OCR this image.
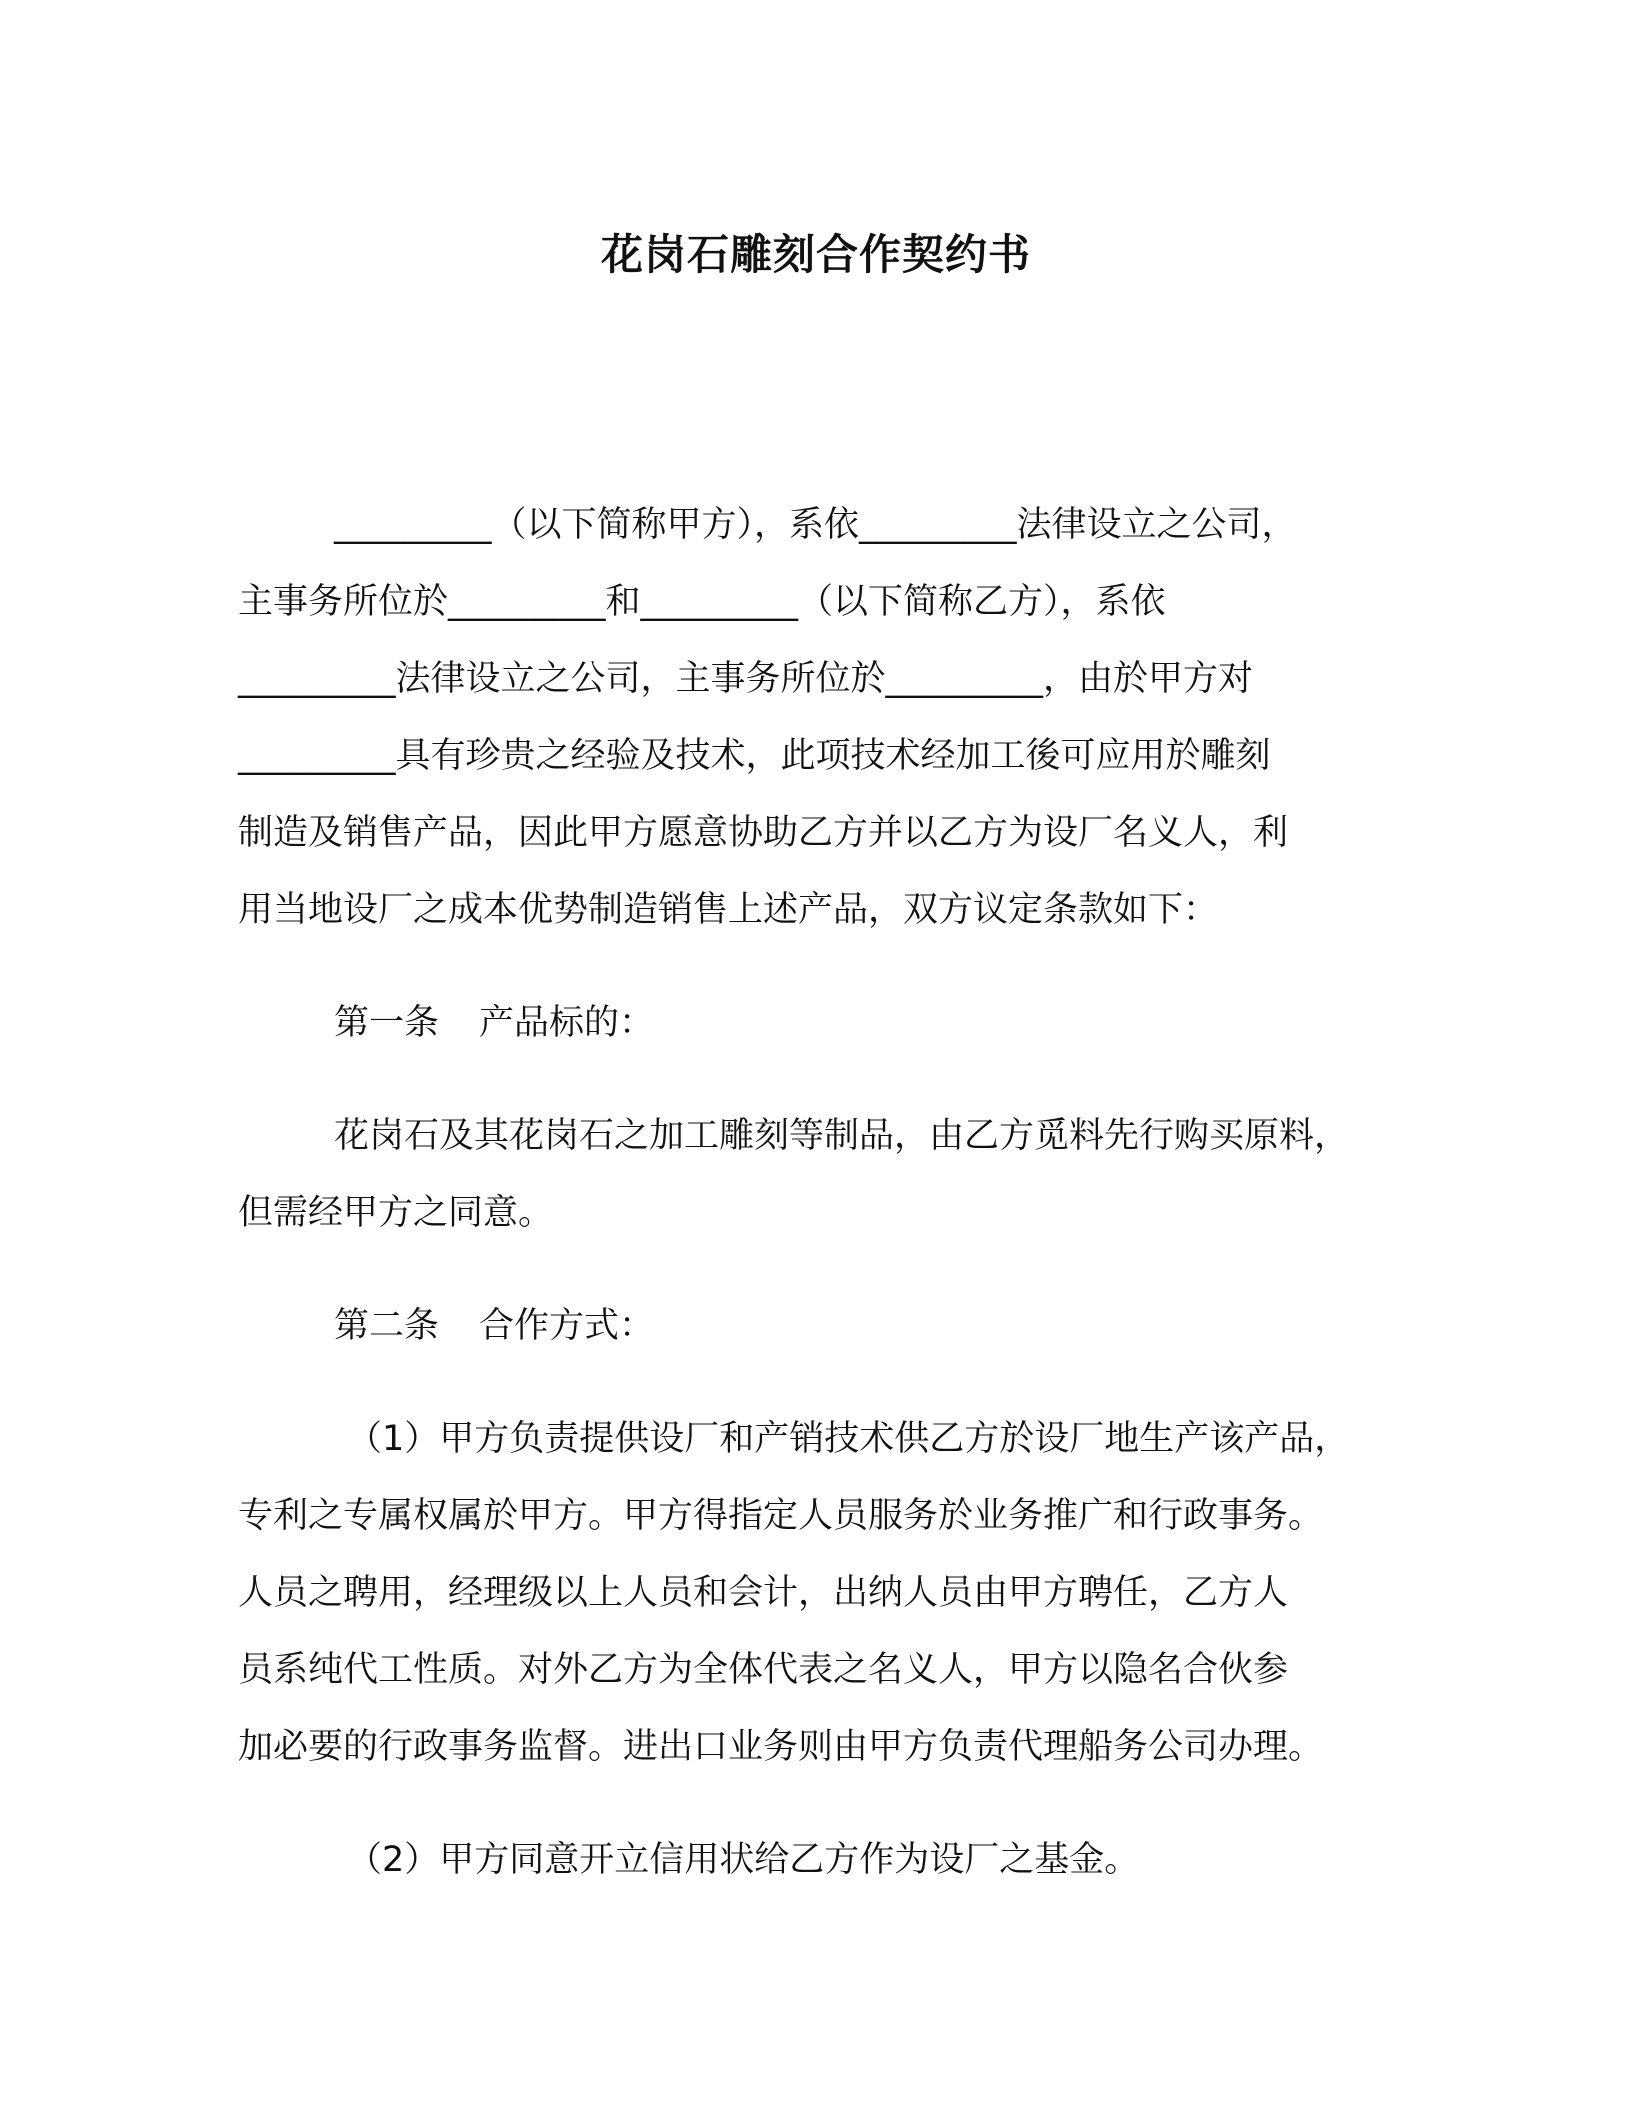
花岗石雕刻合作契约书
_________（以下简称甲方），系依_________法律设立之公司，
主事务所位於_________和_________（以下简称乙方），系依
_________法律设立之公司，主事务所位於_________，由於甲方对
_________具有珍贵之经验及技术，此项技术经加工後可应用於雕刻
制造及销售产品，因此甲方愿意协助乙方并以乙方为设厂名义人，利
用当地设厂之成本优势制造销售上述产品，双方议定条款如下：
第一条 产品标的：
花岗石及其花岗石之加工雕刻等制品，由乙方觅料先行购买原料，
但需经甲方之同意。
第二条 合作方式：
（1）甲方负责提供设厂和产销技术供乙方於设厂地生产该产品，
专利之专属权属於甲方。甲方得指定人员服务於业务推广和行政事务。
人员之聘用，经理级以上人员和会计，出纳人员由甲方聘任，乙方人
员系纯代工性质。对外乙方为全体代表之名义人，甲方以隐名合伙参
加必要的行政事务监督。进出口业务则由甲方负责代理船务公司办理。
（2）甲方同意开立信用状给乙方作为设厂之基金。
